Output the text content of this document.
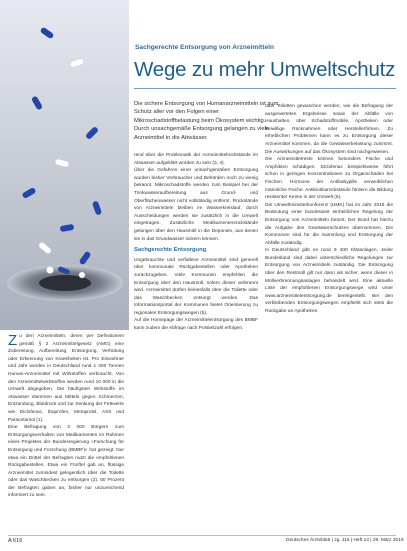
Sachgerechte Entsorgung von Arzneimitteln
Wege zu mehr Umweltschutz
Die sichere Entsorgung von Humanarzneimitteln ist zum Schutz aller vor den Folgen einer Mikroschadstoffbelastung beim Ökosystem wichtig. Durch unsachgemäße Entsorgung gelangen zu viele Arzneimittel in die Abwässer.
Z u den Arzneimitteln, deren per Definitionem gemäß § 2 Arzneimittelgesetz (AMG) eine Zubereitung, Aufbereitung, Entsorgung, Verhütung oder Erkennung von Krankheiten ist. Pro Einwohner und Jahr werden in Deutschland rund 1 400 Tonnen Human-Arzneimittel mit Wirkstoffen verbraucht. Von den Arzneimittelwirkstoffen werden rund 10 000 in die Umwelt abgegeben. Die häufigsten Wirkstoffe im Abwasser stammen aus Mitteln gegen Schmerzen, Entzündung, Blutdruck und zur Senkung der Fettwerte wie Diclofenac, Ibuprofen, Metoprolol, ASS und Paracetamol (1).

Eine Befragung von 2 000 Bürgern zum Entsorgungsverhalten von Medikamenten im Rahmen eines Projektes der Bundesregierung »Forschung für Entsorgung und Forschung (BMBF)« hat gezeigt: Nur etwa ein Drittel der Befragten nutzt die empfohlenen Rückgabestellen. Etwa ein Fünftel gab an, flüssige Arzneimittel zumindest gelegentlich über die Toilette oder das Waschbecken zu entsorgen (2). 50 Prozent der Befragten gaben an, bisher nur unzureichend informiert zu sein.

rend über die Problematik der Arzneimittelrückstände im Abwasser aufgeklärt worden zu sein (3, 4).

Über die Gefahren einer unsachgemäßen Entsorgung wurden bisher Verbraucher und Behörden noch zu wenig bekannt. Mikroschadstoffe werden zum Beispiel bei der Trinkwasseraufbereitung aus Grund- und Oberflächenwasser nicht vollständig entfernt. Rückstände von Arzneimitteln bleiben im Wasserkreislauf, durch Ausscheidungen werden sie zusätzlich in die Umwelt eingetragen. Zusätzliche Medikamentenrückstände gelangen über den Hausmüll in die Deponien, aus denen sie in das Grundwasser sickern können.

Sachgerechte Entsorgung

Ungebrauchte und verfallene Arzneimittel sind generell über kommunale Rückgabestellen oder Apotheken zurückzugeben. Viele Kommunen empfehlen die Entsorgung über den Hausmüll, sofern dieser verbrannt wird. Arzneimittel dürfen keinesfalls über die Toilette oder das Waschbecken entsorgt werden. Das Informationsportal der Kommunen bietet Orientierung zu regionalen Entsorgungswegen (5).

Auf die Homepage der Arzneimittelentsorgung des BMBF kann zudem die Abfrage nach Postleitzahl erfolgen.

oder Toiletten gewaschen werden, wie die Befragung der ausgewerteten Ergebnisse sowie der Abfälle von Haushalten, über Schadstoffmobile, Apotheken oder freiwillige Rücknahmen oder Herstellerfirmen. Zu erheblichen Problemen kann es zu Entsorgung dieser Arzneimittel kommen, da die Gewässerbelastung zunimmt. Die Auswirkungen auf das Ökosystem sind nachgewiesen.

Die Arzneimittelreste können besonders Fische und Amphibien schädigen. Diclofenac beispielsweise führt schon in geringen Konzentrationen zu Organschäden bei Fischen. Hormone der Antibabypille verweiblichen männliche Fische. Antibiotikarückstände fördern die Bildung resistenter Keime in der Umwelt (6).

Die Umweltministerkonferenz (UMK) hat im Jahr 2016 die Bedeutung einer bundesweit einheitlichen Regelung der Entsorgung von Arzneimitteln betont. Der Bund hat hierzu die Aufgabe des Gewässerschutzes übernommen. Die Kommunen sind für die Sammlung und Entsorgung der Abfälle zuständig.

In Deutschland gibt es rund 9 400 Kläranlagen. Jeder Bundesland sind dabei unterschiedliche Regelungen zur Entsorgung von Arzneimitteln zuständig. Die Entsorgung über den Restmüll gilt nur dann als sicher, wenn dieser in Müllverbrennungsanlagen behandelt wird. Eine aktuelle Liste der empfohlenen Entsorgungswege wird unter www.arzneimittelentsorgung.de bereitgestellt. Bei den verbleibenden Entsorgungswegen empfiehlt sich stets die Rückgabe an Apotheken.

A 616	Deutsches Ärzteblatt | Jg. 116 | Heft 13 | 29. März 2019
